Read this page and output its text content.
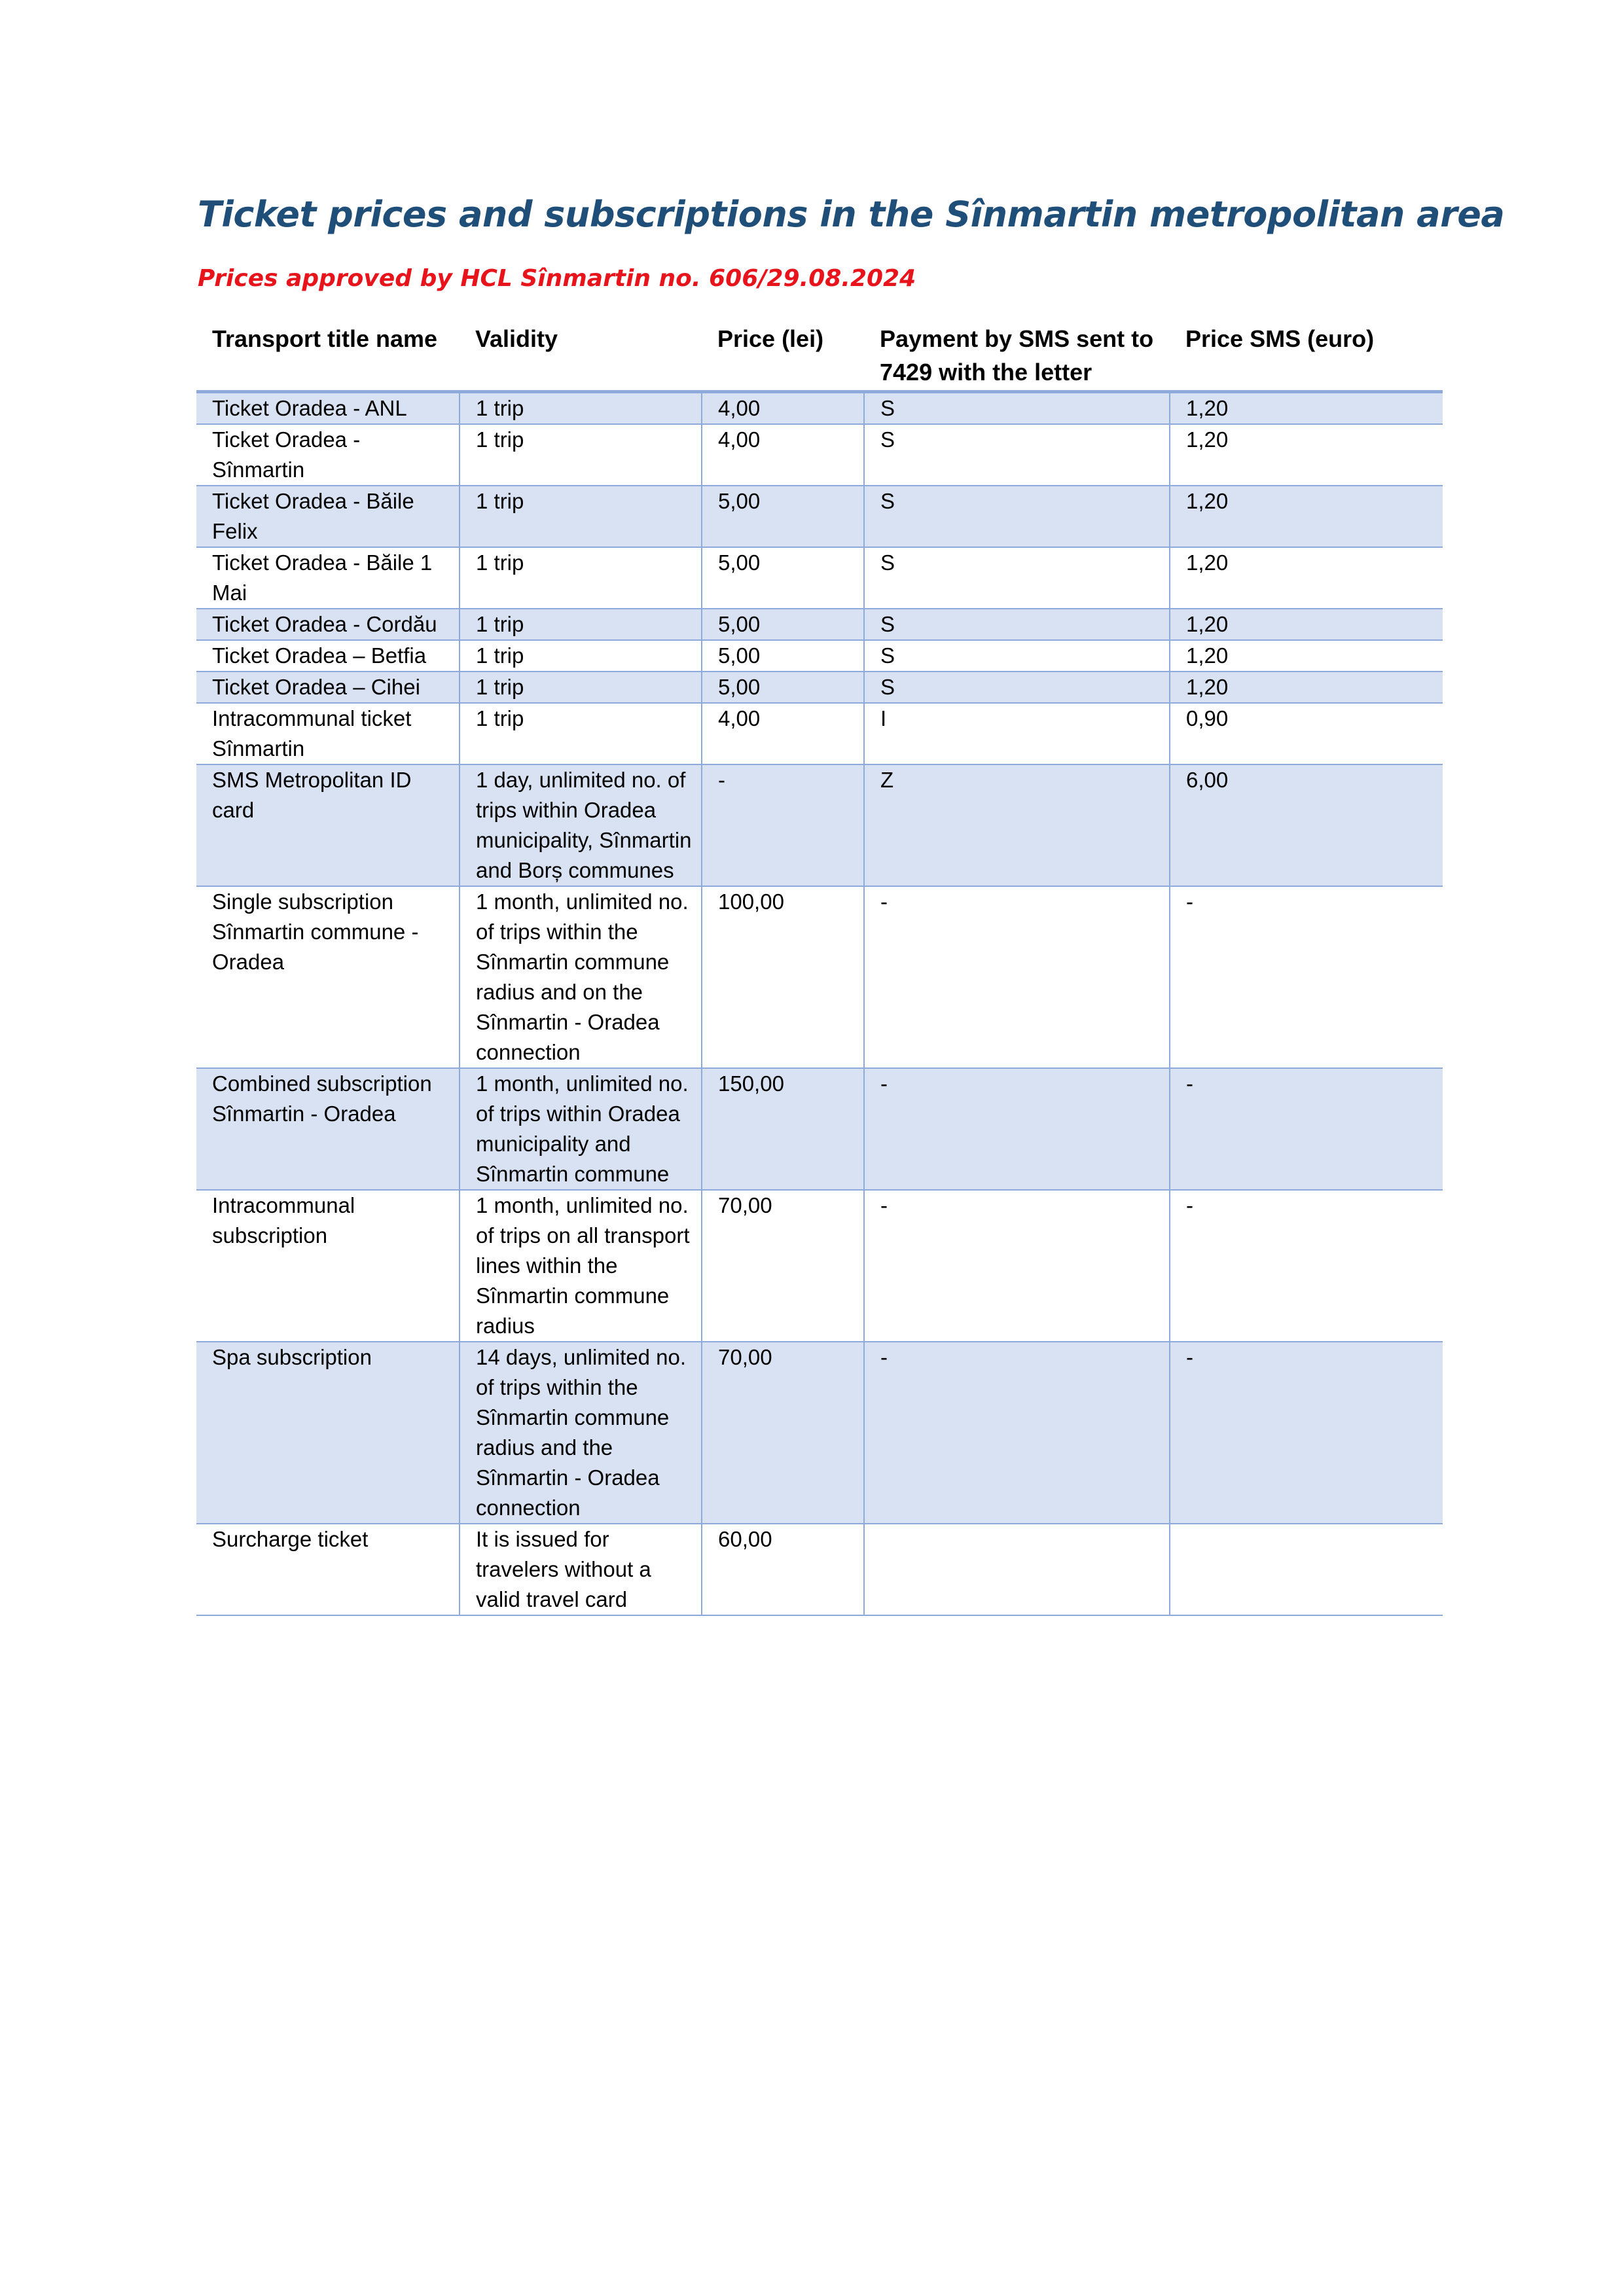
Ticket prices and subscriptions in the Sînmartin metropolitan area
Prices approved by HCL Sînmartin no. 606/29.08.2024
Transport title name	Validity	Price (lei)	Payment by SMS sent to 7429 with the letter	Price SMS (euro)
Ticket Oradea - ANL	1 trip	4,00	S	1,20
Ticket Oradea - Sînmartin	1 trip	4,00	S	1,20
Ticket Oradea - Băile Felix	1 trip	5,00	S	1,20
Ticket Oradea - Băile 1 Mai	1 trip	5,00	S	1,20
Ticket Oradea - Cordău	1 trip	5,00	S	1,20
Ticket Oradea – Betfia	1 trip	5,00	S	1,20
Ticket Oradea – Cihei	1 trip	5,00	S	1,20
Intracommunal ticket Sînmartin	1 trip	4,00	I	0,90
SMS Metropolitan ID card	1 day, unlimited no. of trips within Oradea municipality, Sînmartin and Borș communes	-	Z	6,00
Single subscription Sînmartin commune - Oradea	1 month, unlimited no. of trips within the Sînmartin commune radius and on the Sînmartin - Oradea connection	100,00	-	-
Combined subscription Sînmartin - Oradea	1 month, unlimited no. of trips within Oradea municipality and Sînmartin commune	150,00	-	-
Intracommunal subscription	1 month, unlimited no. of trips on all transport lines within the Sînmartin commune radius	70,00	-	-
Spa subscription	14 days, unlimited no. of trips within the Sînmartin commune radius and the Sînmartin - Oradea connection	70,00	-	-
Surcharge ticket	It is issued for travelers without a valid travel card	60,00		
